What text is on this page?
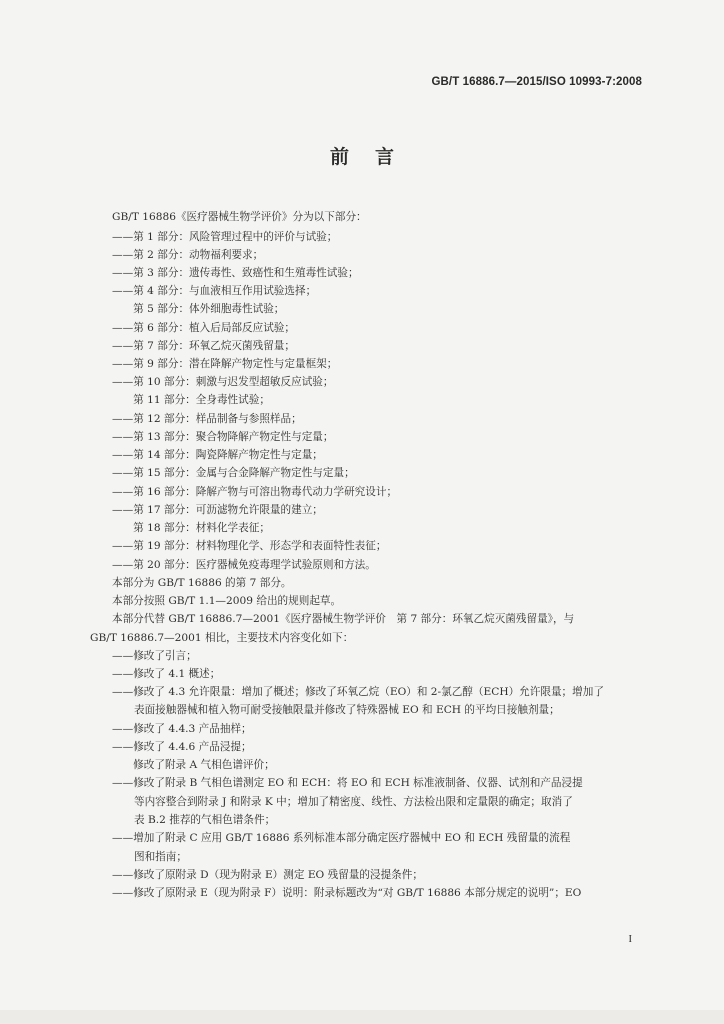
GB/T 16886.7—2015/ISO 10993-7:2008
前言
GB/T 16886《医疗器械生物学评价》分为以下部分：
——第 1 部分：风险管理过程中的评价与试验；
——第 2 部分：动物福利要求；
——第 3 部分：遗传毒性、致癌性和生殖毒性试验；
——第 4 部分：与血液相互作用试验选择；
　　第 5 部分：体外细胞毒性试验；
——第 6 部分：植入后局部反应试验；
——第 7 部分：环氧乙烷灭菌残留量；
——第 9 部分：潜在降解产物定性与定量框架；
——第 10 部分：刺激与迟发型超敏反应试验；
　　第 11 部分：全身毒性试验；
——第 12 部分：样品制备与参照样品；
——第 13 部分：聚合物降解产物定性与定量；
——第 14 部分：陶瓷降解产物定性与定量；
——第 15 部分：金属与合金降解产物定性与定量；
——第 16 部分：降解产物与可溶出物毒代动力学研究设计；
——第 17 部分：可沥滤物允许限量的建立；
　　第 18 部分：材料化学表征；
——第 19 部分：材料物理化学、形态学和表面特性表征；
——第 20 部分：医疗器械免疫毒理学试验原则和方法。
本部分为 GB/T 16886 的第 7 部分。
本部分按照 GB/T 1.1—2009 给出的规则起草。
本部分代替 GB/T 16886.7—2001《医疗器械生物学评价　第 7 部分：环氧乙烷灭菌残留量》，与
GB/T 16886.7—2001 相比，主要技术内容变化如下：
——修改了引言；
——修改了 4.1 概述；
——修改了 4.3 允许限量：增加了概述；修改了环氧乙烷（EO）和 2-氯乙醇（ECH）允许限量；增加了
表面接触器械和植入物可耐受接触限量并修改了特殊器械 EO 和 ECH 的平均日接触剂量；
——修改了 4.4.3 产品抽样；
——修改了 4.4.6 产品浸提；
　　修改了附录 A 气相色谱评价；
——修改了附录 B 气相色谱测定 EO 和 ECH：将 EO 和 ECH 标准液制备、仪器、试剂和产品浸提
等内容整合到附录 J 和附录 K 中；增加了精密度、线性、方法检出限和定量限的确定；取消了
表 B.2 推荐的气相色谱条件；
——增加了附录 C 应用 GB/T 16886 系列标准本部分确定医疗器械中 EO 和 ECH 残留量的流程
图和指南；
——修改了原附录 D（现为附录 E）测定 EO 残留量的浸提条件；
——修改了原附录 E（现为附录 F）说明：附录标题改为“对 GB/T 16886 本部分规定的说明”；EO
I
